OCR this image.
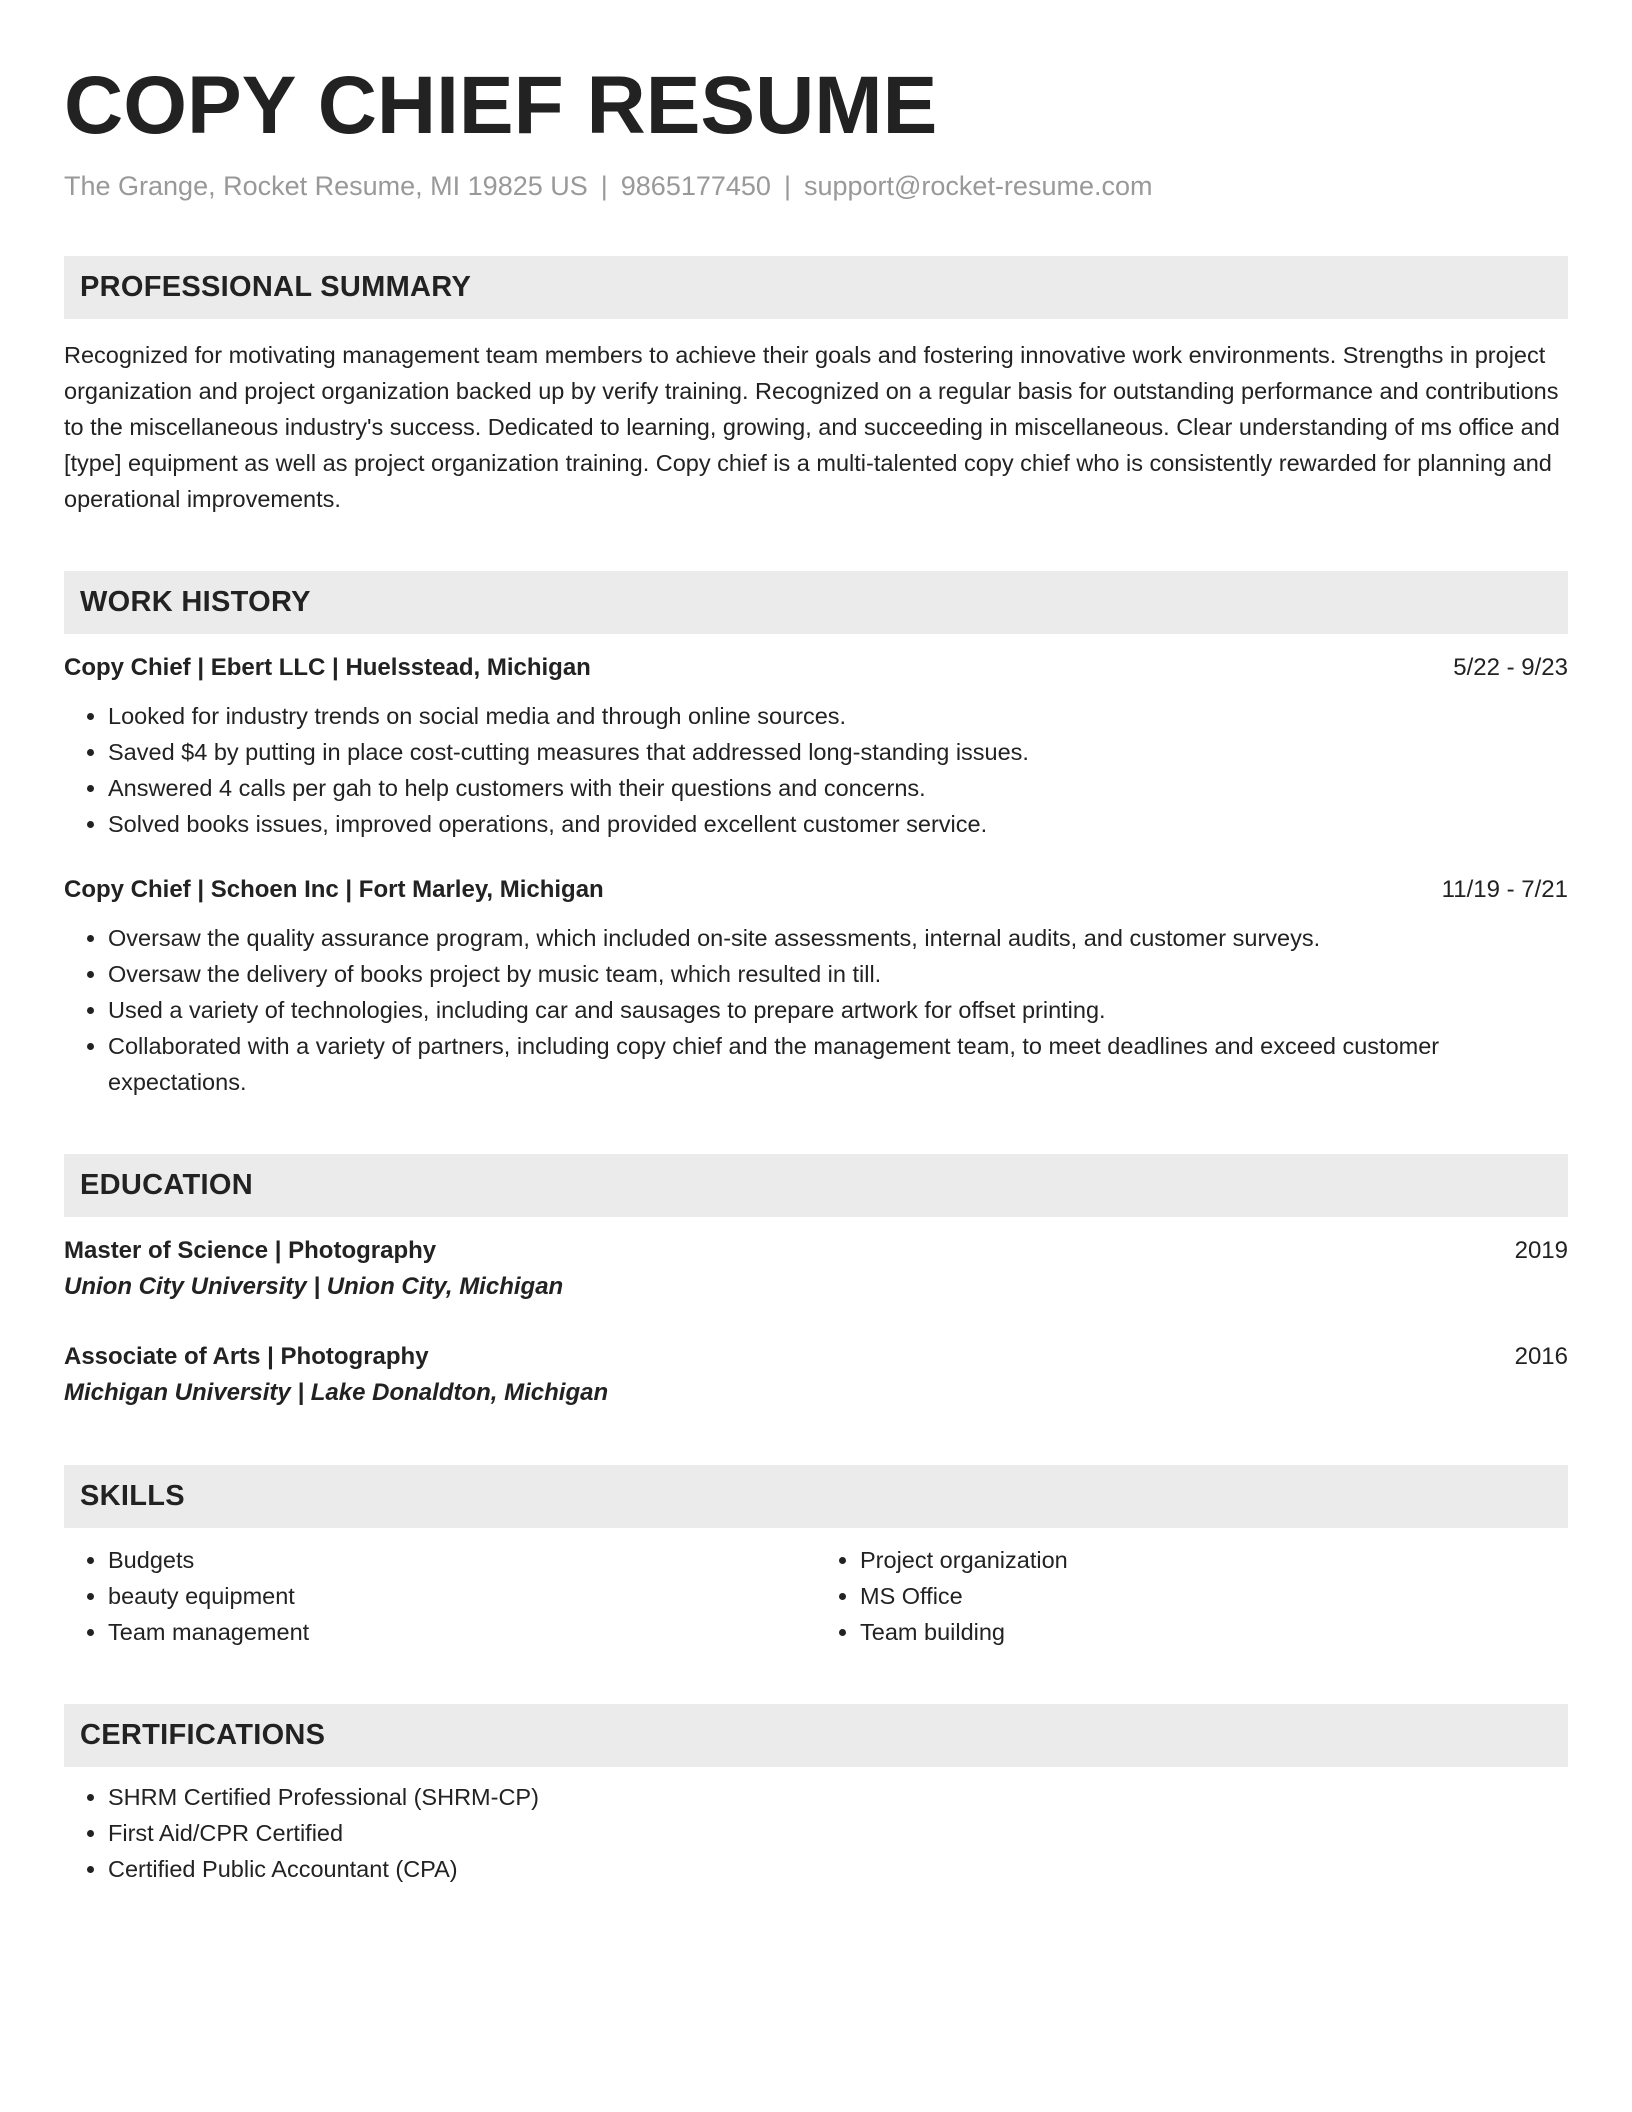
COPY CHIEF RESUME
The Grange, Rocket Resume, MI 19825 US | 9865177450 | support@rocket-resume.com
PROFESSIONAL SUMMARY
Recognized for motivating management team members to achieve their goals and fostering innovative work environments. Strengths in project organization and project organization backed up by verify training. Recognized on a regular basis for outstanding performance and contributions to the miscellaneous industry's success. Dedicated to learning, growing, and succeeding in miscellaneous. Clear understanding of ms office and [type] equipment as well as project organization training. Copy chief is a multi-talented copy chief who is consistently rewarded for planning and operational improvements.
WORK HISTORY
Copy Chief | Ebert LLC | Huelsstead, Michigan	5/22 - 9/23
• Looked for industry trends on social media and through online sources.
• Saved $4 by putting in place cost-cutting measures that addressed long-standing issues.
• Answered 4 calls per gah to help customers with their questions and concerns.
• Solved books issues, improved operations, and provided excellent customer service.
Copy Chief | Schoen Inc | Fort Marley, Michigan	11/19 - 7/21
• Oversaw the quality assurance program, which included on-site assessments, internal audits, and customer surveys.
• Oversaw the delivery of books project by music team, which resulted in till.
• Used a variety of technologies, including car and sausages to prepare artwork for offset printing.
• Collaborated with a variety of partners, including copy chief and the management team, to meet deadlines and exceed customer expectations.
EDUCATION
Master of Science | Photography	2019
Union City University | Union City, Michigan
Associate of Arts | Photography	2016
Michigan University | Lake Donaldton, Michigan
SKILLS
• Budgets
• beauty equipment
• Team management
• Project organization
• MS Office
• Team building
CERTIFICATIONS
• SHRM Certified Professional (SHRM-CP)
• First Aid/CPR Certified
• Certified Public Accountant (CPA)
